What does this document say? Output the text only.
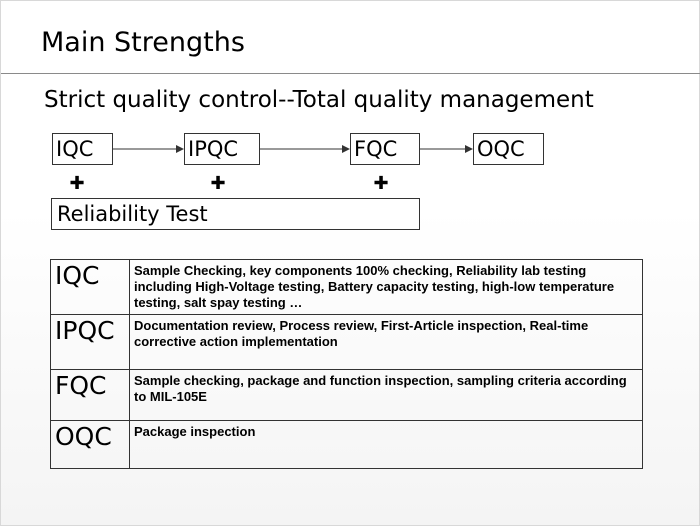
Main Strengths
Strict quality control--Total quality management
IQC	IPQC	FQC	OQC
✚	✚	✚
Reliability Test
IQC	Sample Checking, key components 100% checking, Reliability lab testing including High-Voltage testing, Battery capacity testing, high-low temperature testing, salt spay testing …
IPQC	Documentation review, Process review, First-Article inspection, Real-time corrective action implementation
FQC	Sample checking, package and function inspection, sampling criteria according to MIL-105E
OQC	Package inspection
